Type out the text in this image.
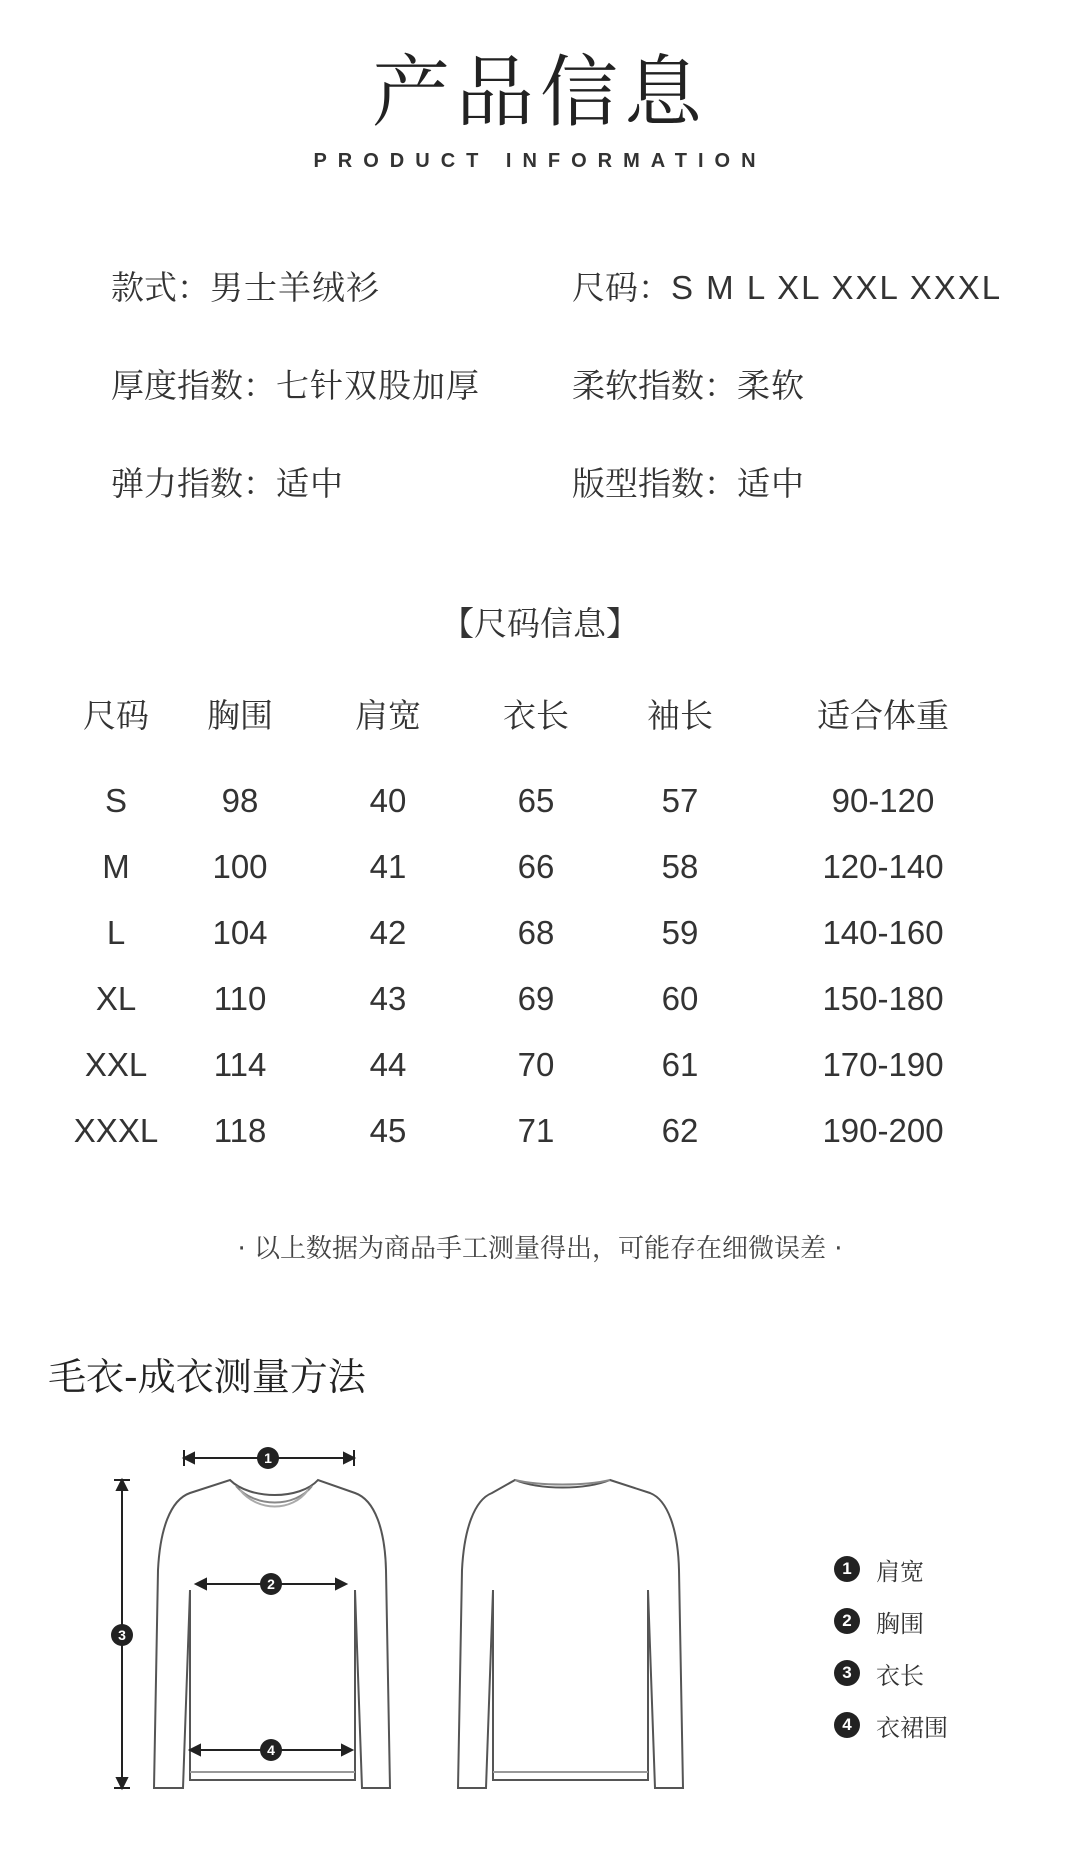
产品信息
PRODUCT INFORMATION
款式：男士羊绒衫	尺码：S M L XL XXL XXXL
厚度指数：七针双股加厚	柔软指数：柔软
弹力指数：适中	版型指数：适中
【尺码信息】
尺码	胸围	肩宽	衣长	袖长	适合体重
S	98	40	65	57	90-120
M	100	41	66	58	120-140
L	104	42	68	59	140-160
XL	110	43	69	60	150-180
XXL	114	44	70	61	170-190
XXXL	118	45	71	62	190-200
· 以上数据为商品手工测量得出，可能存在细微误差 ·
毛衣-成衣测量方法
1
2
3
4
1	肩宽
2	胸围
3	衣长
4	衣裙围
